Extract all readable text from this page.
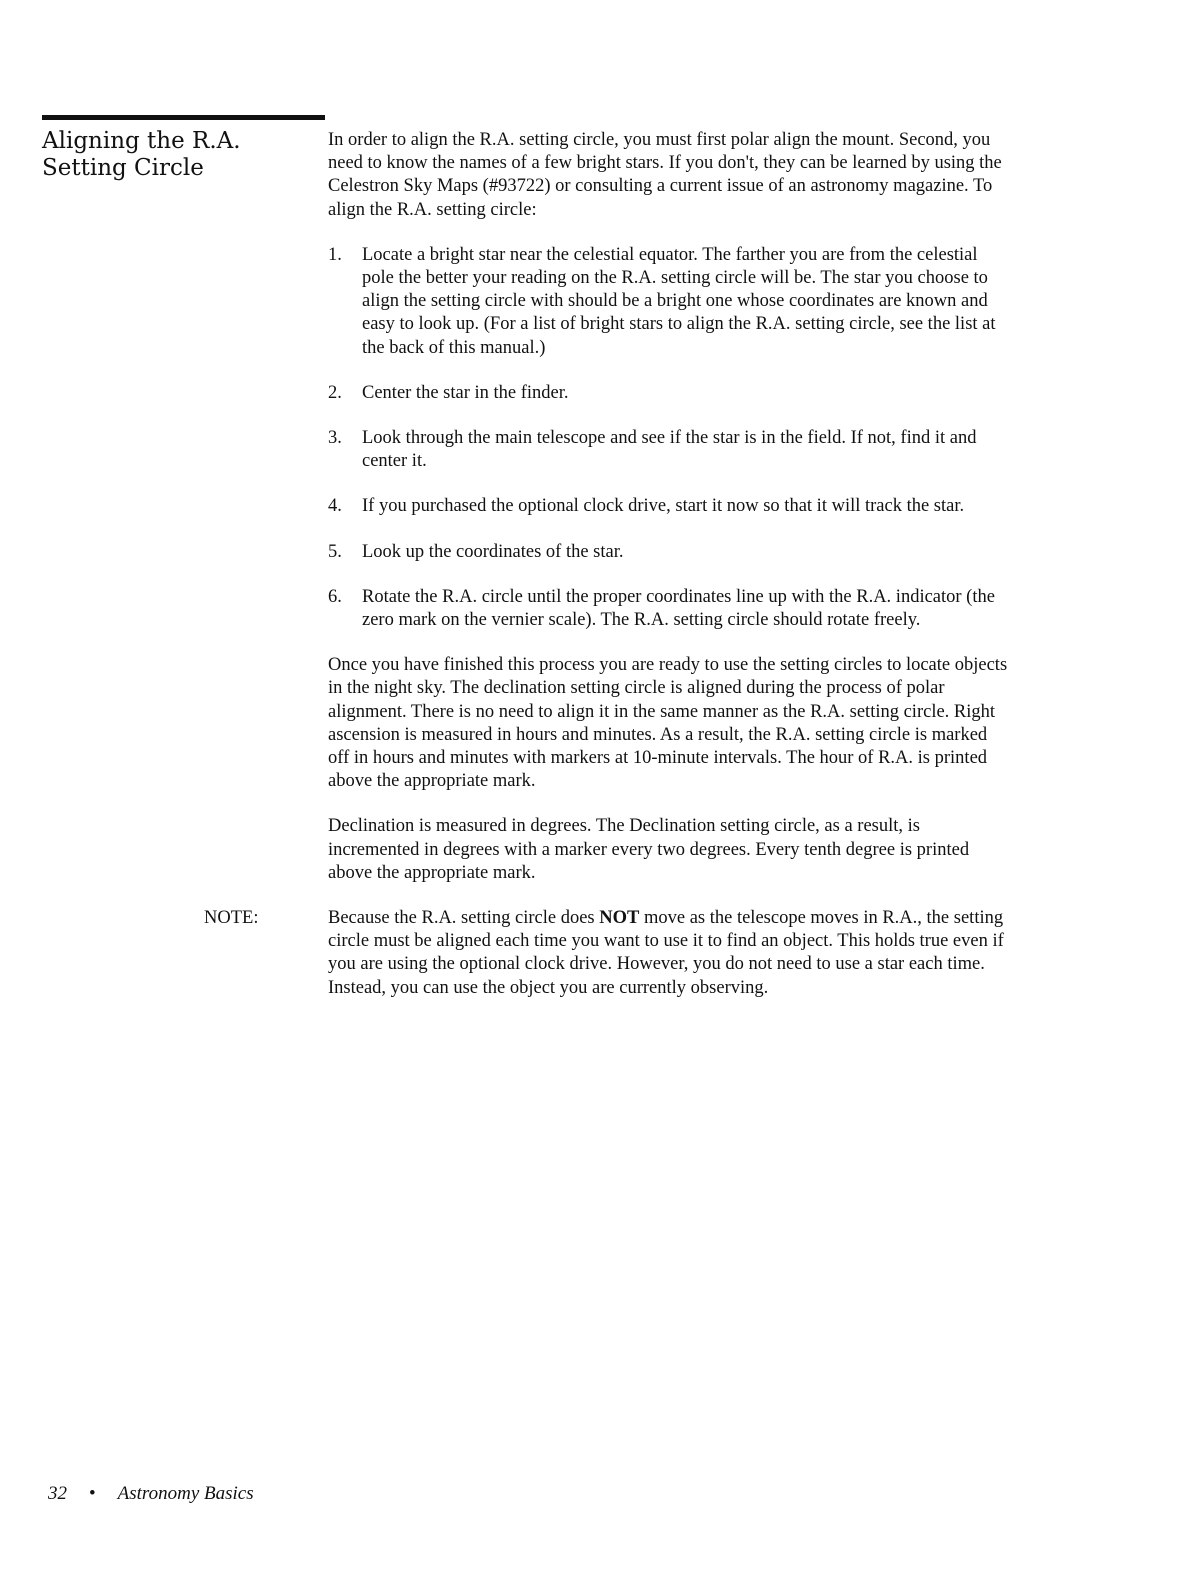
Aligning the R.A.
Setting Circle

In order to align the R.A. setting circle, you must first polar align the mount. Second, you need to know the names of a few bright stars. If you don't, they can be learned by using the Celestron Sky Maps (#93722) or consulting a current issue of an astronomy magazine. To align the R.A. setting circle:

1. Locate a bright star near the celestial equator. The farther you are from the celestial pole the better your reading on the R.A. setting circle will be. The star you choose to align the setting circle with should be a bright one whose coordinates are known and easy to look up. (For a list of bright stars to align the R.A. setting circle, see the list at the back of this manual.)
2. Center the star in the finder.
3. Look through the main telescope and see if the star is in the field. If not, find it and center it.
4. If you purchased the optional clock drive, start it now so that it will track the star.
5. Look up the coordinates of the star.
6. Rotate the R.A. circle until the proper coordinates line up with the R.A. indicator (the zero mark on the vernier scale). The R.A. setting circle should rotate freely.

Once you have finished this process you are ready to use the setting circles to locate objects in the night sky. The declination setting circle is aligned during the process of polar alignment. There is no need to align it in the same manner as the R.A. setting circle. Right ascension is measured in hours and minutes. As a result, the R.A. setting circle is marked off in hours and minutes with markers at 10-minute intervals. The hour of R.A. is printed above the appropriate mark.

Declination is measured in degrees. The Declination setting circle, as a result, is incremented in degrees with a marker every two degrees. Every tenth degree is printed above the appropriate mark.

NOTE:	Because the R.A. setting circle does NOT move as the telescope moves in R.A., the setting circle must be aligned each time you want to use it to find an object. This holds true even if you are using the optional clock drive. However, you do not need to use a star each time. Instead, you can use the object you are currently observing.

32 • Astronomy Basics
